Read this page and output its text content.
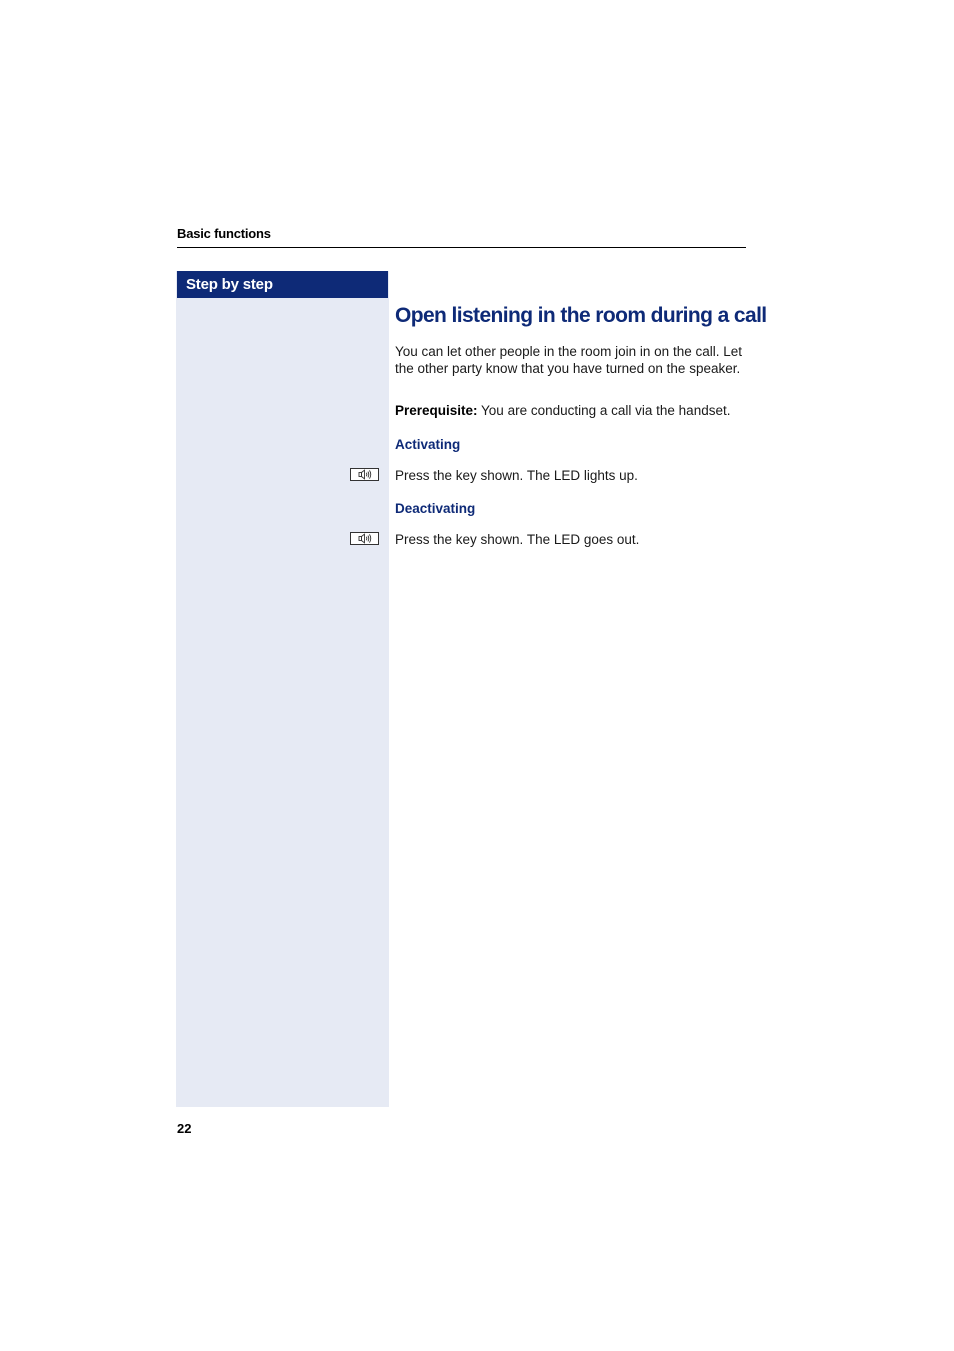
Basic functions
Step by step
Open listening in the room during a call
You can let other people in the room join in on the call. Let the other party know that you have turned on the speaker.
Prerequisite: You are conducting a call via the handset.
Activating
Press the key shown. The LED lights up.
Deactivating
Press the key shown. The LED goes out.
22
